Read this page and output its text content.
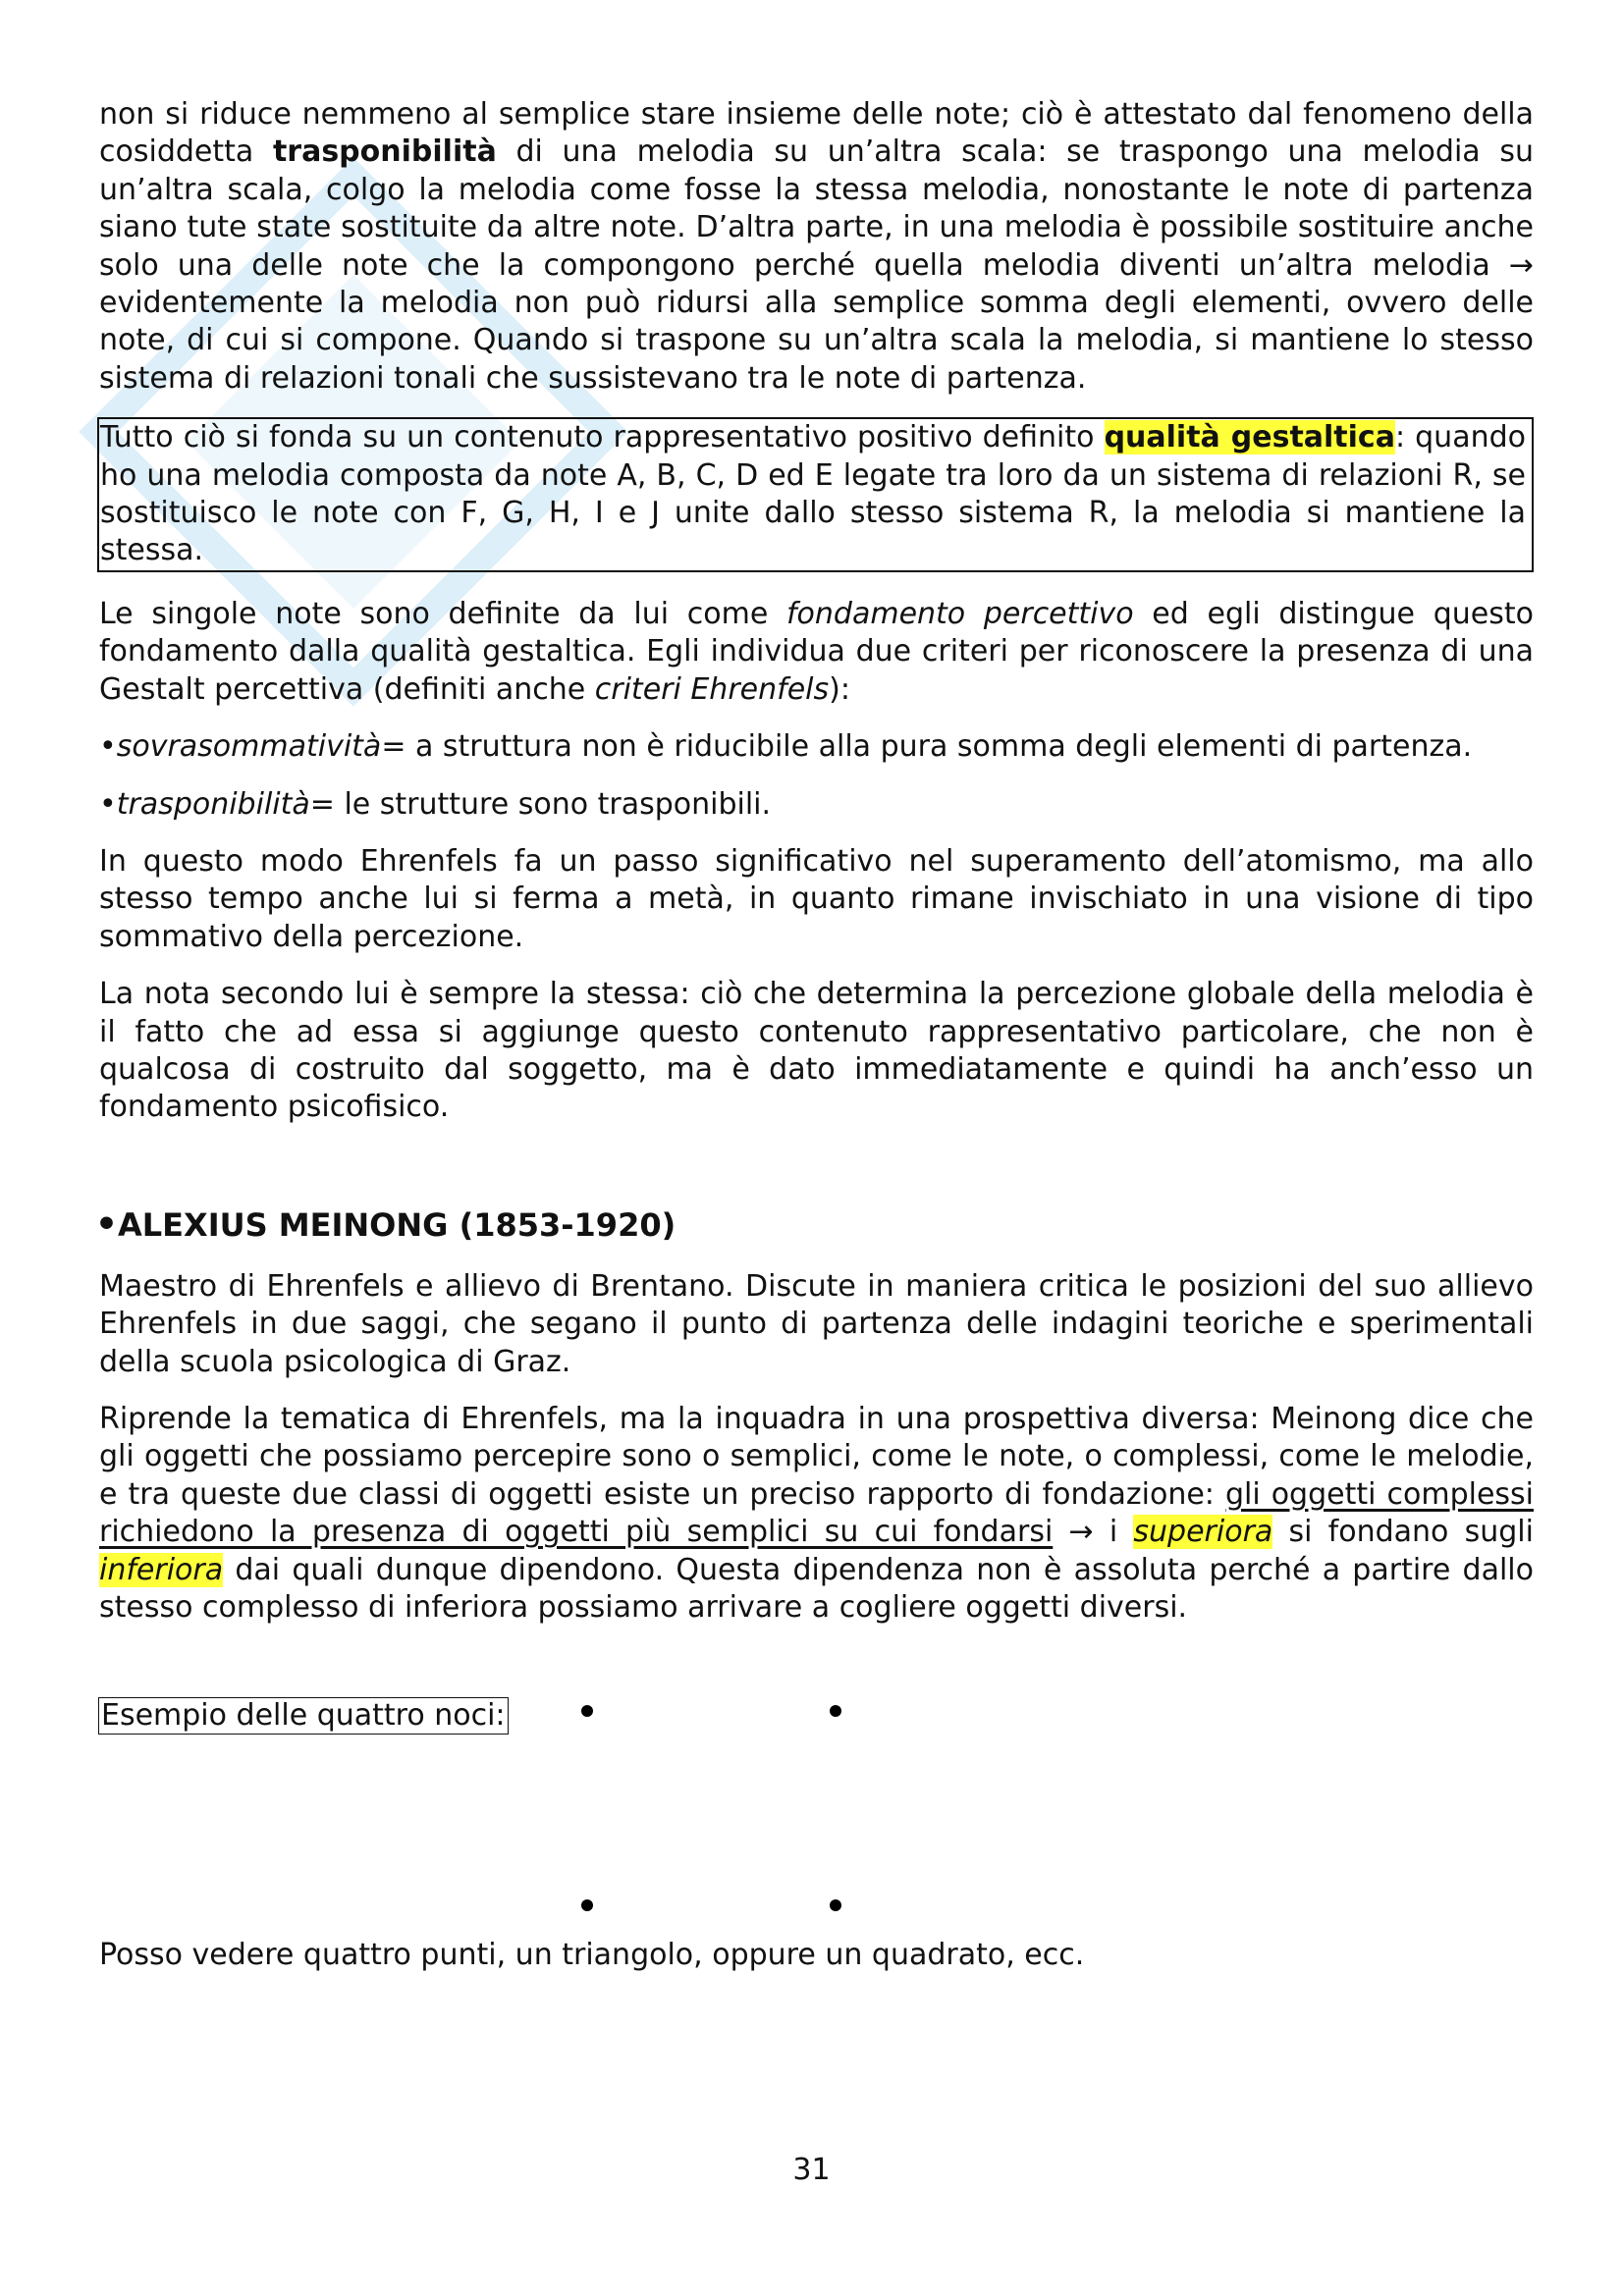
non si riduce nemmeno al semplice stare insieme delle note; ciò è attestato dal fenomeno della cosiddetta trasponibilità di una melodia su un’altra scala: se traspongo una melodia su un’altra scala, colgo la melodia come fosse la stessa melodia, nonostante le note di partenza siano tute state sostituite da altre note. D’altra parte, in una melodia è possibile sostituire anche solo una delle note che la compongono perché quella melodia diventi un’altra melodia → evidentemente la melodia non può ridursi alla semplice somma degli elementi, ovvero delle note, di cui si compone. Quando si traspone su un’altra scala la melodia, si mantiene lo stesso sistema di relazioni tonali che sussistevano tra le note di partenza.

Tutto ciò si fonda su un contenuto rappresentativo positivo definito qualità gestaltica: quando ho una melodia composta da note A, B, C, D ed E legate tra loro da un sistema di relazioni R, se sostituisco le note con F, G, H, I e J unite dallo stesso sistema R, la melodia si mantiene la stessa.

Le singole note sono definite da lui come fondamento percettivo ed egli distingue questo fondamento dalla qualità gestaltica. Egli individua due criteri per riconoscere la presenza di una Gestalt percettiva (definiti anche criteri Ehrenfels):

•sovrasommatività= a struttura non è riducibile alla pura somma degli elementi di partenza.

•trasponibilità= le strutture sono trasponibili.

In questo modo Ehrenfels fa un passo significativo nel superamento dell’atomismo, ma allo stesso tempo anche lui si ferma a metà, in quanto rimane invischiato in una visione di tipo sommativo della percezione.

La nota secondo lui è sempre la stessa: ciò che determina la percezione globale della melodia è il fatto che ad essa si aggiunge questo contenuto rappresentativo particolare, che non è qualcosa di costruito dal soggetto, ma è dato immediatamente e quindi ha anch’esso un fondamento psicofisico.

•ALEXIUS MEINONG (1853-1920)

Maestro di Ehrenfels e allievo di Brentano. Discute in maniera critica le posizioni del suo allievo Ehrenfels in due saggi, che segano il punto di partenza delle indagini teoriche e sperimentali della scuola psicologica di Graz.

Riprende la tematica di Ehrenfels, ma la inquadra in una prospettiva diversa: Meinong dice che gli oggetti che possiamo percepire sono o semplici, come le note, o complessi, come le melodie, e tra queste due classi di oggetti esiste un preciso rapporto di fondazione: gli oggetti complessi richiedono la presenza di oggetti più semplici su cui fondarsi → i superiora si fondano sugli inferiora dai quali dunque dipendono. Questa dipendenza non è assoluta perché a partire dallo stesso complesso di inferiora possiamo arrivare a cogliere oggetti diversi.

Esempio delle quattro noci:

Posso vedere quattro punti, un triangolo, oppure un quadrato, ecc.

31
